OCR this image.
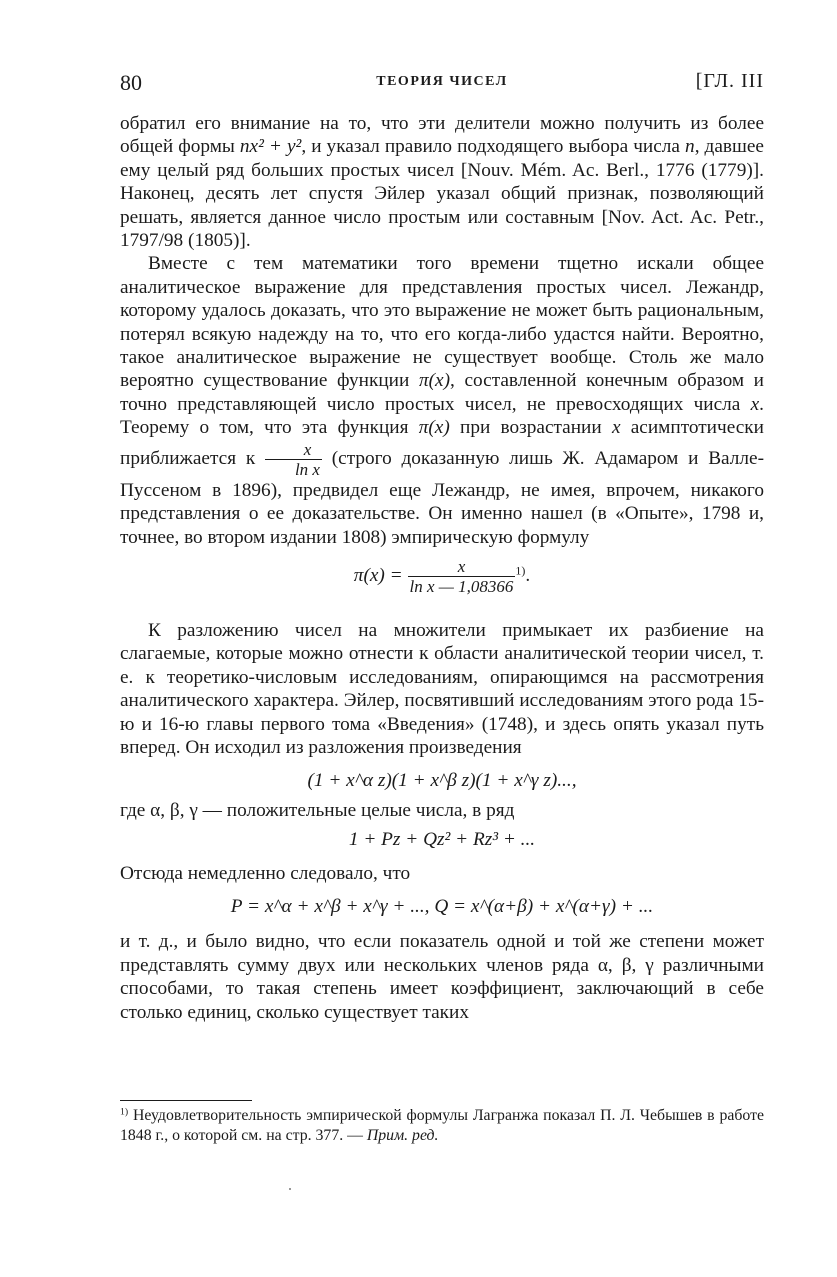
80	ТЕОРИЯ ЧИСЕЛ	[ГЛ. III

обратил его внимание на то, что эти делители можно получить из более общей формы nx² + y², и указал правило подходящего выбора числа n, давшее ему целый ряд больших простых чисел [Nouv. Mém. Ac. Berl., 1776 (1779)]. Наконец, десять лет спустя Эйлер указал общий признак, позволяющий решать, является данное число простым или составным [Nov. Act. Ac. Petr., 1797/98 (1805)].

Вместе с тем математики того времени тщетно искали общее аналитическое выражение для представления простых чисел. Лежандр, которому удалось доказать, что это выражение не может быть рациональным, потерял всякую надежду на то, что его когда-либо удастся найти. Вероятно, такое аналитическое выражение не существует вообще. Столь же мало вероятно существование функции π(x), составленной конечным образом и точно представляющей число простых чисел, не превосходящих числа x. Теорему о том, что эта функция π(x) при возрастании x асимптотически приближается к $\frac{x}{\text{ln x}}$ (строго доказанную лишь Ж. Адамаром и Валле-Пуссеном в 1896), предвидел еще Лежандр, не имея, впрочем, никакого представления о ее доказательстве. Он именно нашел (в «Опыте», 1798 и, точнее, во втором издании 1808) эмпирическую формулу

$\pi(x) = \frac{x}{\text{ln x — 1,08366}} ^{1)}$.

К разложению чисел на множители примыкает их разбиение на слагаемые, которые можно отнести к области аналитической теории чисел, т. е. к теоретико-числовым исследованиям, опирающимся на рассмотрения аналитического характера. Эйлер, посвятивший исследованиям этого рода 15-ю и 16-ю главы первого тома «Введения» (1748), и здесь опять указал путь вперед. Он исходил из разложения произведения

(1 + x^α z)(1 + x^β z)(1 + x^γ z)...,

где α, β, γ — положительные целые числа, в ряд

1 + Pz + Qz² + Rz³ + ...

Отсюда немедленно следовало, что

P = x^α + x^β + x^γ + ..., Q = x^(α+β) + x^(α+γ) + ...

и т. д., и было видно, что если показатель одной и той же степени может представлять сумму двух или нескольких членов ряда α, β, γ различными способами, то такая степень имеет коэффициент, заключающий в себе столько единиц, сколько существует таких

$^{1)}$ Неудовлетворительность эмпирической формулы Лагранжа показал П. Л. Чебышев в работе 1848 г., о которой см. на стр. 377. — Прим. ред.
